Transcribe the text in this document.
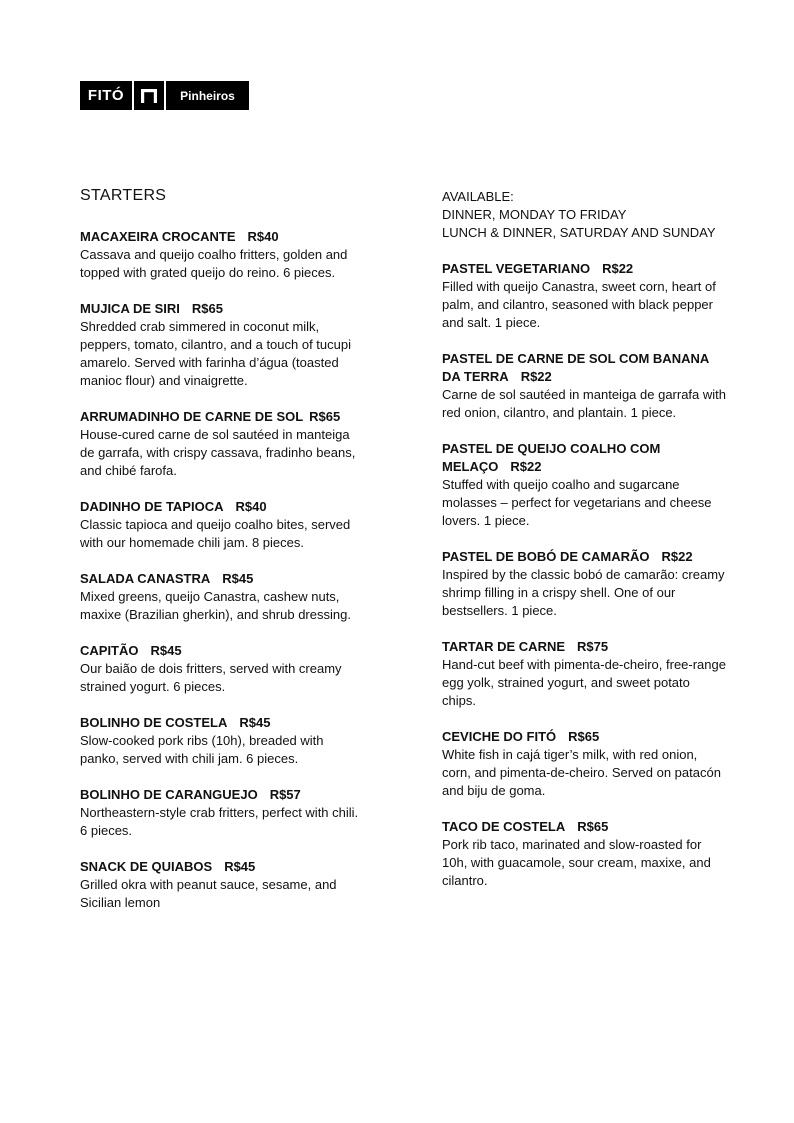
FITÓ	Pinheiros
STARTERS
MACAXEIRA CROCANTE R$40
Cassava and queijo coalho fritters, golden and topped with grated queijo do reino. 6 pieces.
MUJICA DE SIRI R$65
Shredded crab simmered in coconut milk, peppers, tomato, cilantro, and a touch of tucupi amarelo. Served with farinha d’água (toasted manioc flour) and vinaigrette.
ARRUMADINHO DE CARNE DE SOL R$65
House-cured carne de sol sautéed in manteiga de garrafa, with crispy cassava, fradinho beans, and chibé farofa.
DADINHO DE TAPIOCA R$40
Classic tapioca and queijo coalho bites, served with our homemade chili jam. 8 pieces.
SALADA CANASTRA R$45
Mixed greens, queijo Canastra, cashew nuts, maxixe (Brazilian gherkin), and shrub dressing.
CAPITÃO R$45
Our baião de dois fritters, served with creamy strained yogurt. 6 pieces.
BOLINHO DE COSTELA R$45
Slow-cooked pork ribs (10h), breaded with panko, served with chili jam. 6 pieces.
BOLINHO DE CARANGUEJO R$57
Northeastern-style crab fritters, perfect with chili. 6 pieces.
SNACK DE QUIABOS R$45
Grilled okra with peanut sauce, sesame, and Sicilian lemon
AVAILABLE:
DINNER, MONDAY TO FRIDAY
LUNCH & DINNER, SATURDAY AND SUNDAY
PASTEL VEGETARIANO R$22
Filled with queijo Canastra, sweet corn, heart of palm, and cilantro, seasoned with black pepper and salt. 1 piece.
PASTEL DE CARNE DE SOL COM BANANA DA TERRA R$22
Carne de sol sautéed in manteiga de garrafa with red onion, cilantro, and plantain. 1 piece.
PASTEL DE QUEIJO COALHO COM MELAÇO R$22
Stuffed with queijo coalho and sugarcane molasses – perfect for vegetarians and cheese lovers. 1 piece.
PASTEL DE BOBÓ DE CAMARÃO R$22
Inspired by the classic bobó de camarão: creamy shrimp filling in a crispy shell. One of our bestsellers. 1 piece.
TARTAR DE CARNE R$75
Hand-cut beef with pimenta-de-cheiro, free-range egg yolk, strained yogurt, and sweet potato chips.
CEVICHE DO FITÓ R$65
White fish in cajá tiger’s milk, with red onion, corn, and pimenta-de-cheiro. Served on patacón and biju de goma.
TACO DE COSTELA R$65
Pork rib taco, marinated and slow-roasted for 10h, with guacamole, sour cream, maxixe, and cilantro.
